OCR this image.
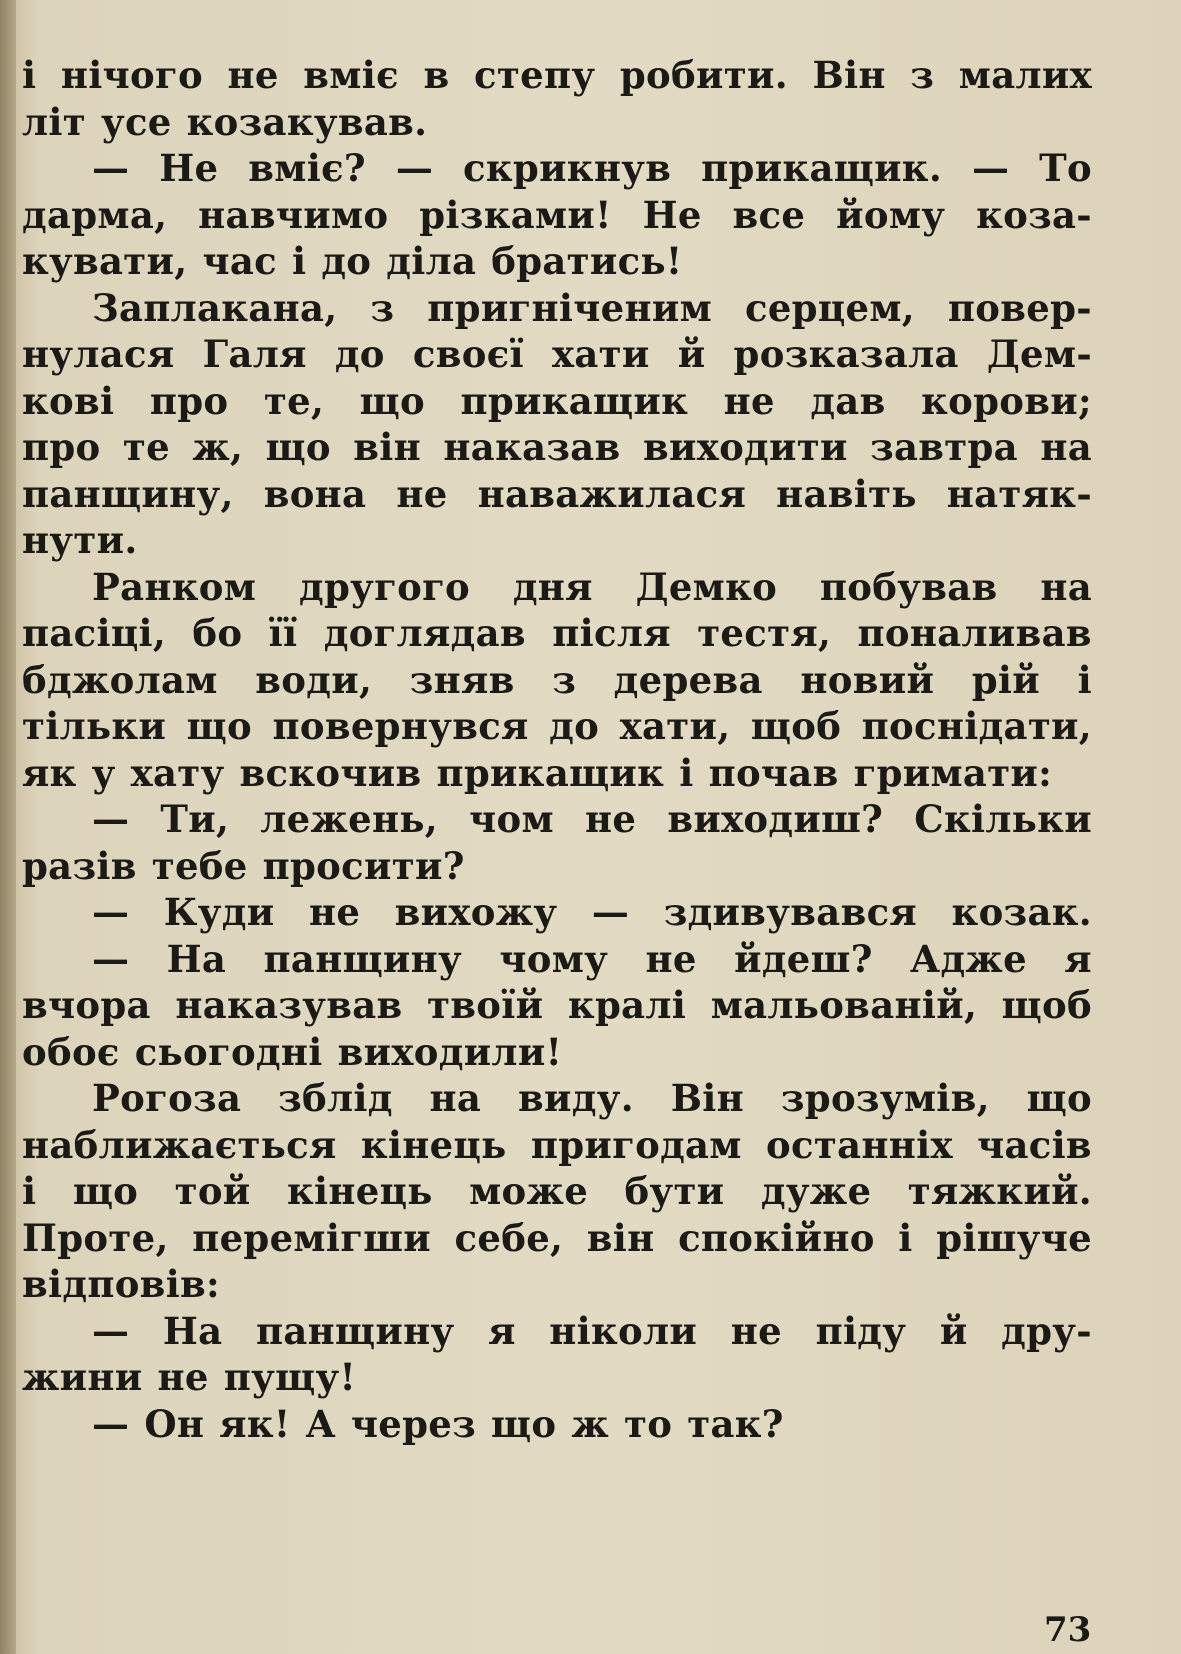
і нічого не вміє в степу робити. Він з малих
літ усе козакував.
— Не вміє? — скрикнув прикащик. — То
дарма, навчимо різками! Не все йому коза-
кувати, час і до діла братись!
Заплакана, з пригніченим серцем, повер-
нулася Галя до своєї хати й розказала Дем-
кові про те, що прикащик не дав корови;
про те ж, що він наказав виходити завтра на
панщину, вона не наважилася навіть натяк-
нути.
Ранком другого дня Демко побував на
пасіці, бо її доглядав після тестя, поналивав
бджолам води, зняв з дерева новий рій і
тільки що повернувся до хати, щоб поснідати,
як у хату вскочив прикащик і почав гримати:
— Ти, лежень, чом не виходиш? Скільки
разів тебе просити?
— Куди не вихожу — здивувався козак.
— На панщину чому не йдеш? Адже я
вчора наказував твоїй кралі мальованій, щоб
обоє сьогодні виходили!
Рогоза зблід на виду. Він зрозумів, що
наближається кінець пригодам останніх часів
і що той кінець може бути дуже тяжкий.
Проте, перемігши себе, він спокійно і рішуче
відповів:
— На панщину я ніколи не піду й дру-
жини не пущу!
— Он як! А через що ж то так?
73
